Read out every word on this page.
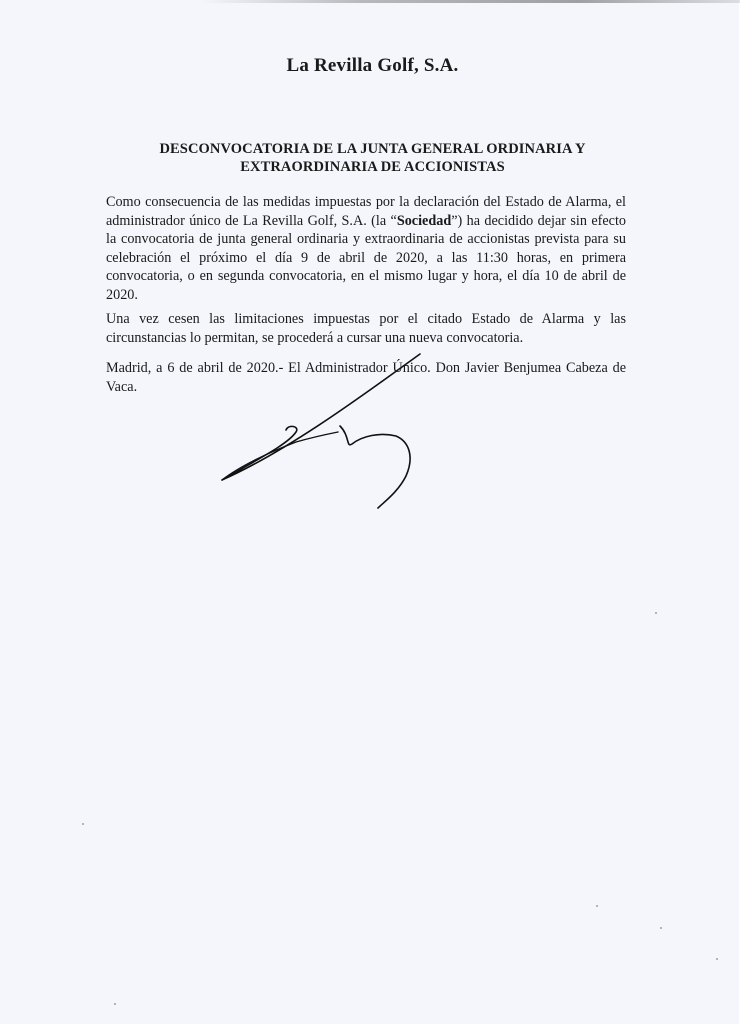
La Revilla Golf, S.A.
DESCONVOCATORIA DE LA JUNTA GENERAL ORDINARIA Y
EXTRAORDINARIA DE ACCIONISTAS

Como consecuencia de las medidas impuestas por la declaración del Estado de Alarma, el administrador único de La Revilla Golf, S.A. (la “Sociedad”) ha decidido dejar sin efecto la convocatoria de junta general ordinaria y extraordinaria de accionistas prevista para su celebración el próximo el día 9 de abril de 2020, a las 11:30 horas, en primera convocatoria, o en segunda convocatoria, en el mismo lugar y hora, el día 10 de abril de 2020.

Una vez cesen las limitaciones impuestas por el citado Estado de Alarma y las circunstancias lo permitan, se procederá a cursar una nueva convocatoria.

Madrid, a 6 de abril de 2020.- El Administrador Único. Don Javier Benjumea Cabeza de Vaca.
